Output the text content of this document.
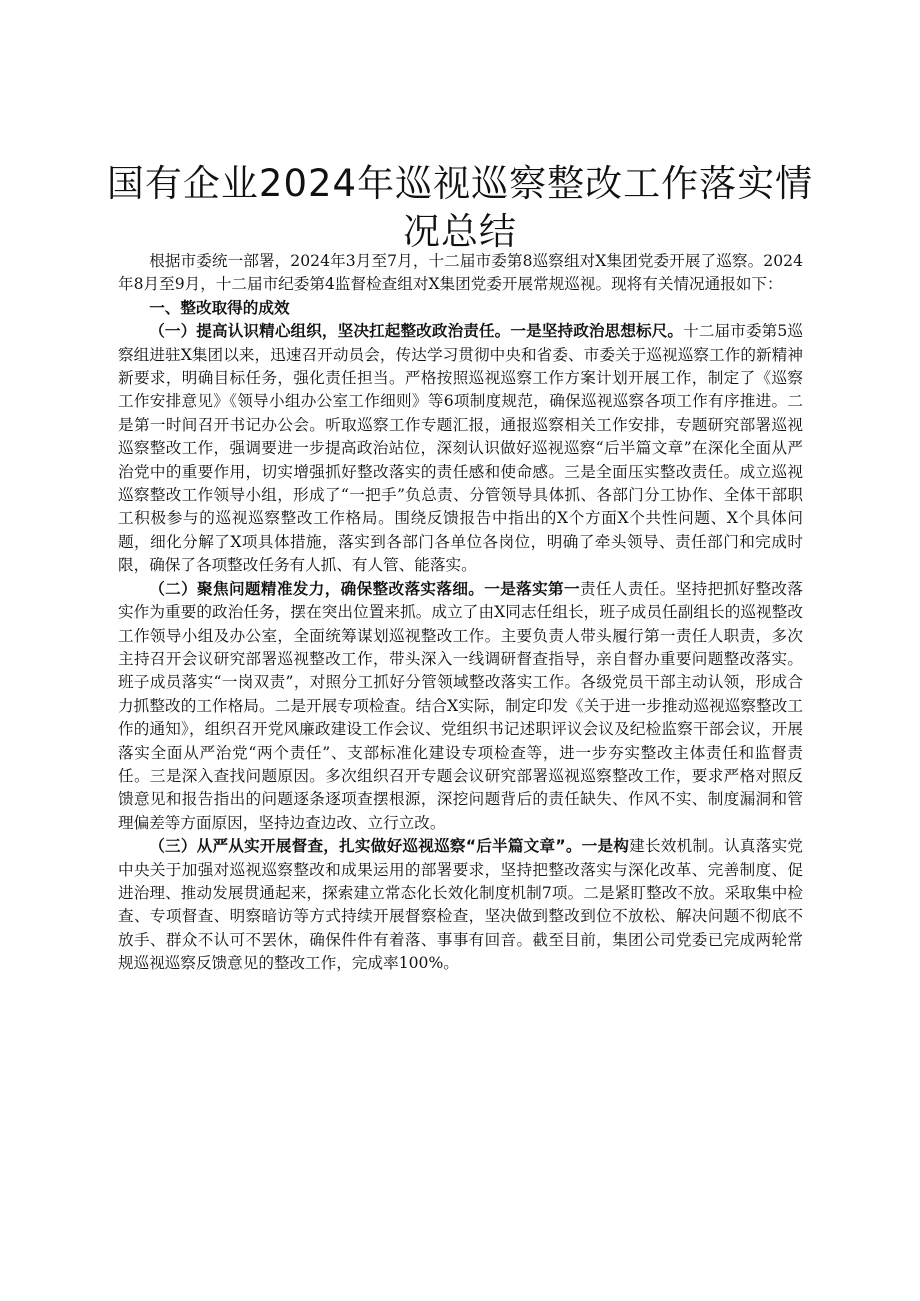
国有企业2024年巡视巡察整改工作落实情况总结

根据市委统一部署，2024年3月至7月，十二届市委第8巡察组对X集团党委开展了巡察。2024年8月至9月，十二届市纪委第4监督检查组对X集团党委开展常规巡视。现将有关情况通报如下：

一、整改取得的成效

（一）提高认识精心组织，坚决扛起整改政治责任。一是坚持政治思想标尺。十二届市委第5巡察组进驻X集团以来，迅速召开动员会，传达学习贯彻中央和省委、市委关于巡视巡察工作的新精神新要求，明确目标任务，强化责任担当。严格按照巡视巡察工作方案计划开展工作，制定了《巡察工作安排意见》《领导小组办公室工作细则》等6项制度规范，确保巡视巡察各项工作有序推进。二是第一时间召开书记办公会。听取巡察工作专题汇报，通报巡察相关工作安排，专题研究部署巡视巡察整改工作，强调要进一步提高政治站位，深刻认识做好巡视巡察“后半篇文章”在深化全面从严治党中的重要作用，切实增强抓好整改落实的责任感和使命感。三是全面压实整改责任。成立巡视巡察整改工作领导小组，形成了“一把手”负总责、分管领导具体抓、各部门分工协作、全体干部职工积极参与的巡视巡察整改工作格局。围绕反馈报告中指出的X个方面X个共性问题、X个具体问题，细化分解了X项具体措施，落实到各部门各单位各岗位，明确了牵头领导、责任部门和完成时限，确保了各项整改任务有人抓、有人管、能落实。

（二）聚焦问题精准发力，确保整改落实落细。一是落实第一责任人责任。坚持把抓好整改落实作为重要的政治任务，摆在突出位置来抓。成立了由X同志任组长，班子成员任副组长的巡视整改工作领导小组及办公室，全面统筹谋划巡视整改工作。主要负责人带头履行第一责任人职责，多次主持召开会议研究部署巡视整改工作，带头深入一线调研督查指导，亲自督办重要问题整改落实。班子成员落实“一岗双责”，对照分工抓好分管领域整改落实工作。各级党员干部主动认领，形成合力抓整改的工作格局。二是开展专项检查。结合X实际，制定印发《关于进一步推动巡视巡察整改工作的通知》，组织召开党风廉政建设工作会议、党组织书记述职评议会议及纪检监察干部会议，开展落实全面从严治党“两个责任”、支部标准化建设专项检查等，进一步夯实整改主体责任和监督责任。三是深入查找问题原因。多次组织召开专题会议研究部署巡视巡察整改工作，要求严格对照反馈意见和报告指出的问题逐条逐项查摆根源，深挖问题背后的责任缺失、作风不实、制度漏洞和管理偏差等方面原因，坚持边查边改、立行立改。

（三）从严从实开展督查，扎实做好巡视巡察“后半篇文章”。一是构建长效机制。认真落实党中央关于加强对巡视巡察整改和成果运用的部署要求，坚持把整改落实与深化改革、完善制度、促进治理、推动发展贯通起来，探索建立常态化长效化制度机制7项。二是紧盯整改不放。采取集中检查、专项督查、明察暗访等方式持续开展督察检查，坚决做到整改到位不放松、解决问题不彻底不放手、群众不认可不罢休，确保件件有着落、事事有回音。截至目前，集团公司党委已完成两轮常规巡视巡察反馈意见的整改工作，完成率100%。
